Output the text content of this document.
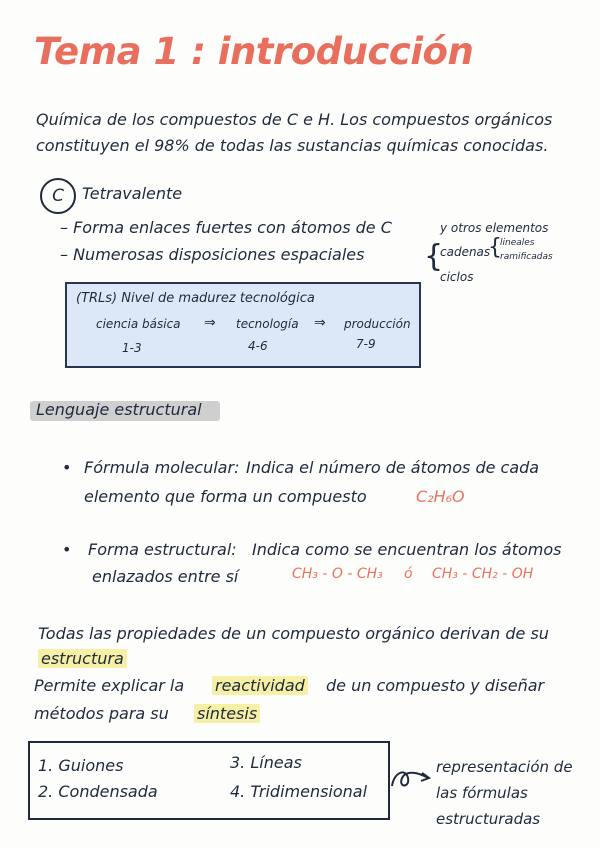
Tema 1 : introducción
Química de los compuestos de C e H. Los compuestos orgánicos
constituyen el 98% de todas las sustancias químicas conocidas.
C	Tetravalente
– Forma enlaces fuertes con átomos de C	y otros elementos
– Numerosas disposiciones espaciales {
cadenas
{
lineales
ramificadas
ciclos
(TRLs) Nivel de madurez tecnológica
ciencia básica ⇒ tecnología ⇒ producción
1-3	4-6	7-9
Lenguaje estructural
• Fórmula molecular: Indica el número de átomos de cada
elemento que forma un compuesto	C₂H₆O
• Forma estructural: Indica como se encuentran los átomos
enlazados entre sí	CH₃ - O - CH₃ ó CH₃ - CH₂ - OH
Todas las propiedades de un compuesto orgánico derivan de su
estructura
Permite explicar la reactividad de un compuesto y diseñar
métodos para su síntesis
1. Guiones
2. Condensada
3. Líneas
4. Tridimensional
representación de
las fórmulas
estructuradas
